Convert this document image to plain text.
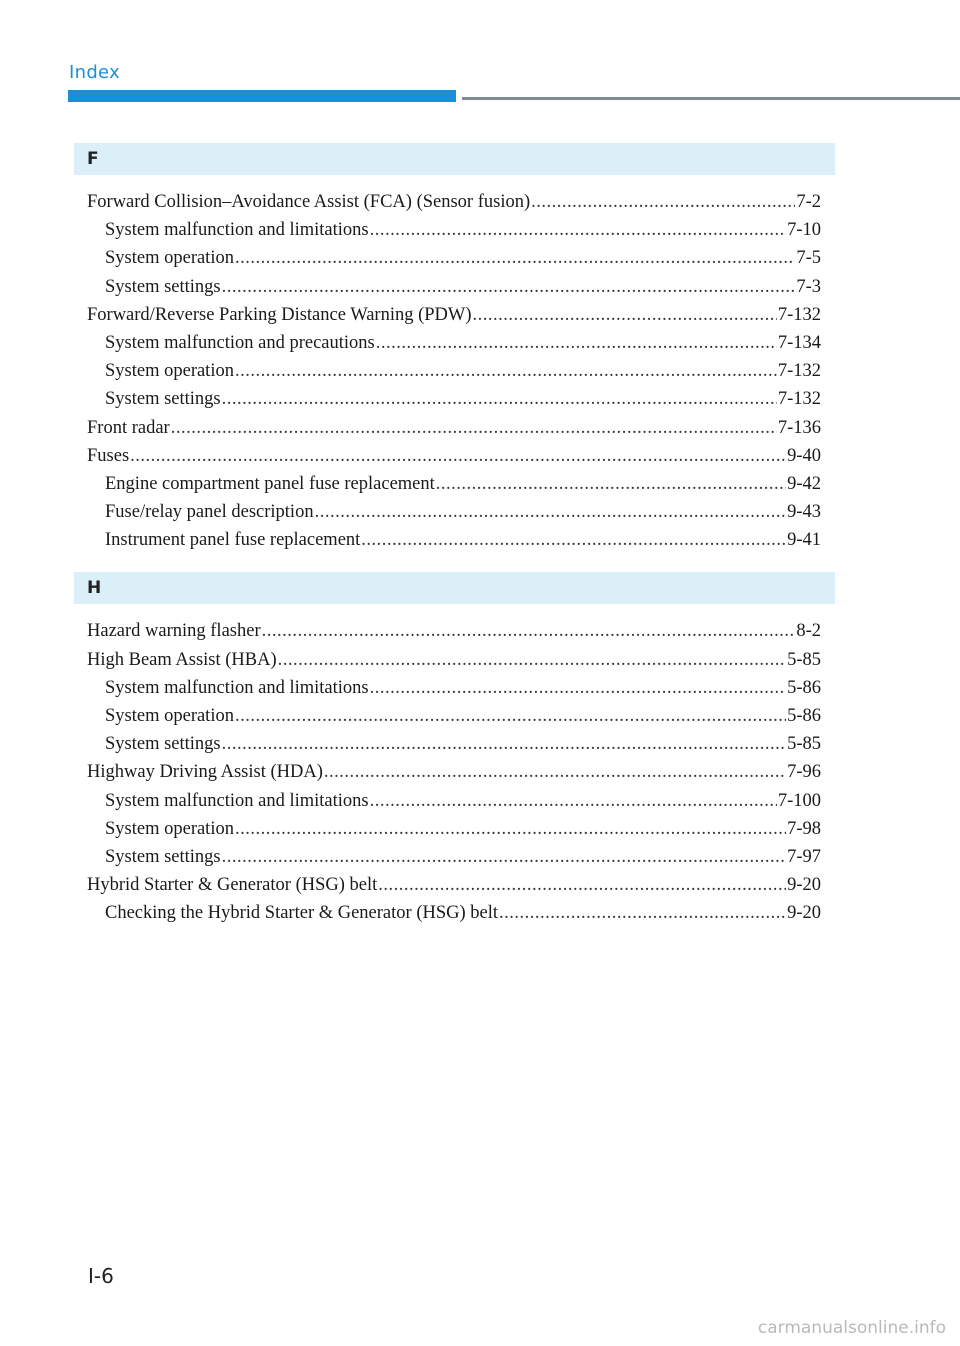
Index
F
Forward Collision–Avoidance Assist (FCA) (Sensor fusion) .....	7-2
System malfunction and limitations .....	7-10
System operation .....	7-5
System settings .....	7-3
Forward/Reverse Parking Distance Warning (PDW) .....	7-132
System malfunction and precautions .....	7-134
System operation .....	7-132
System settings .....	7-132
Front radar .....	7-136
Fuses .....	9-40
Engine compartment panel fuse replacement .....	9-42
Fuse/relay panel description .....	9-43
Instrument panel fuse replacement .....	9-41
H
Hazard warning flasher .....	8-2
High Beam Assist (HBA) .....	5-85
System malfunction and limitations .....	5-86
System operation .....	5-86
System settings .....	5-85
Highway Driving Assist (HDA) .....	7-96
System malfunction and limitations .....	7-100
System operation .....	7-98
System settings .....	7-97
Hybrid Starter & Generator (HSG) belt .....	9-20
Checking the Hybrid Starter & Generator (HSG) belt .....	9-20
I-6
carmanualsonline.info
